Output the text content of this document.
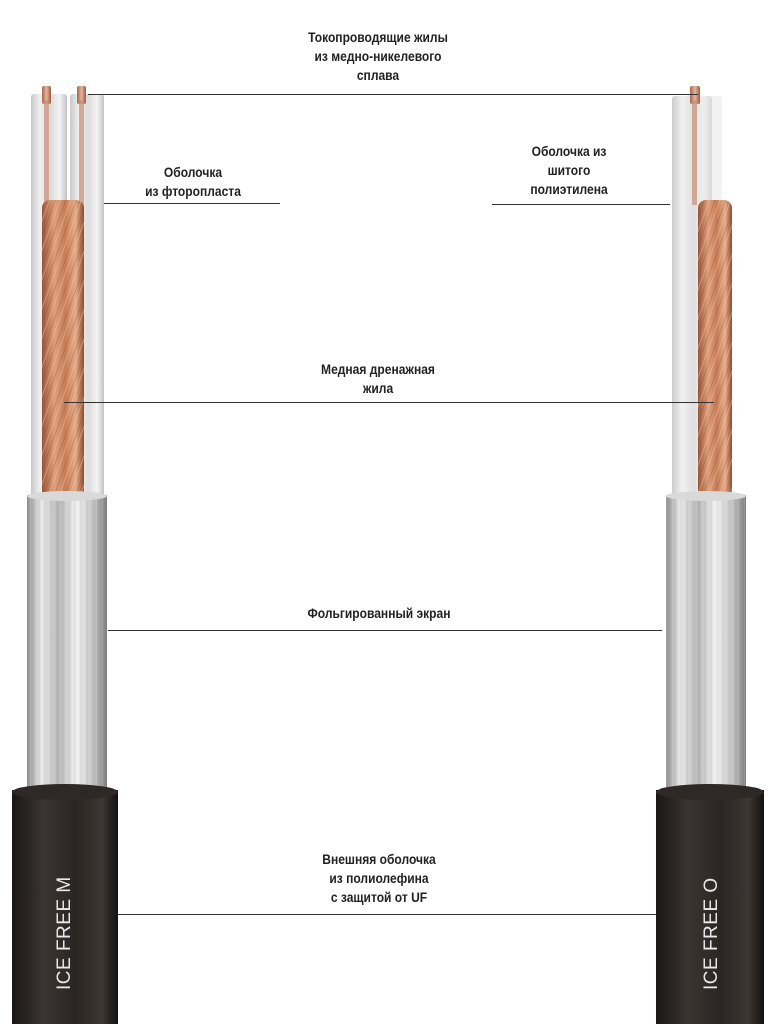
ICE FREE M	ICE FREE O
Токопроводящие жилы
из медно-никелевого
сплава
Оболочка
из фторопласта
Оболочка из
шитого
полиэтилена
Медная дренажная
жила
Фольгированный экран
Внешняя оболочка
из полиолефина
с защитой от UF
